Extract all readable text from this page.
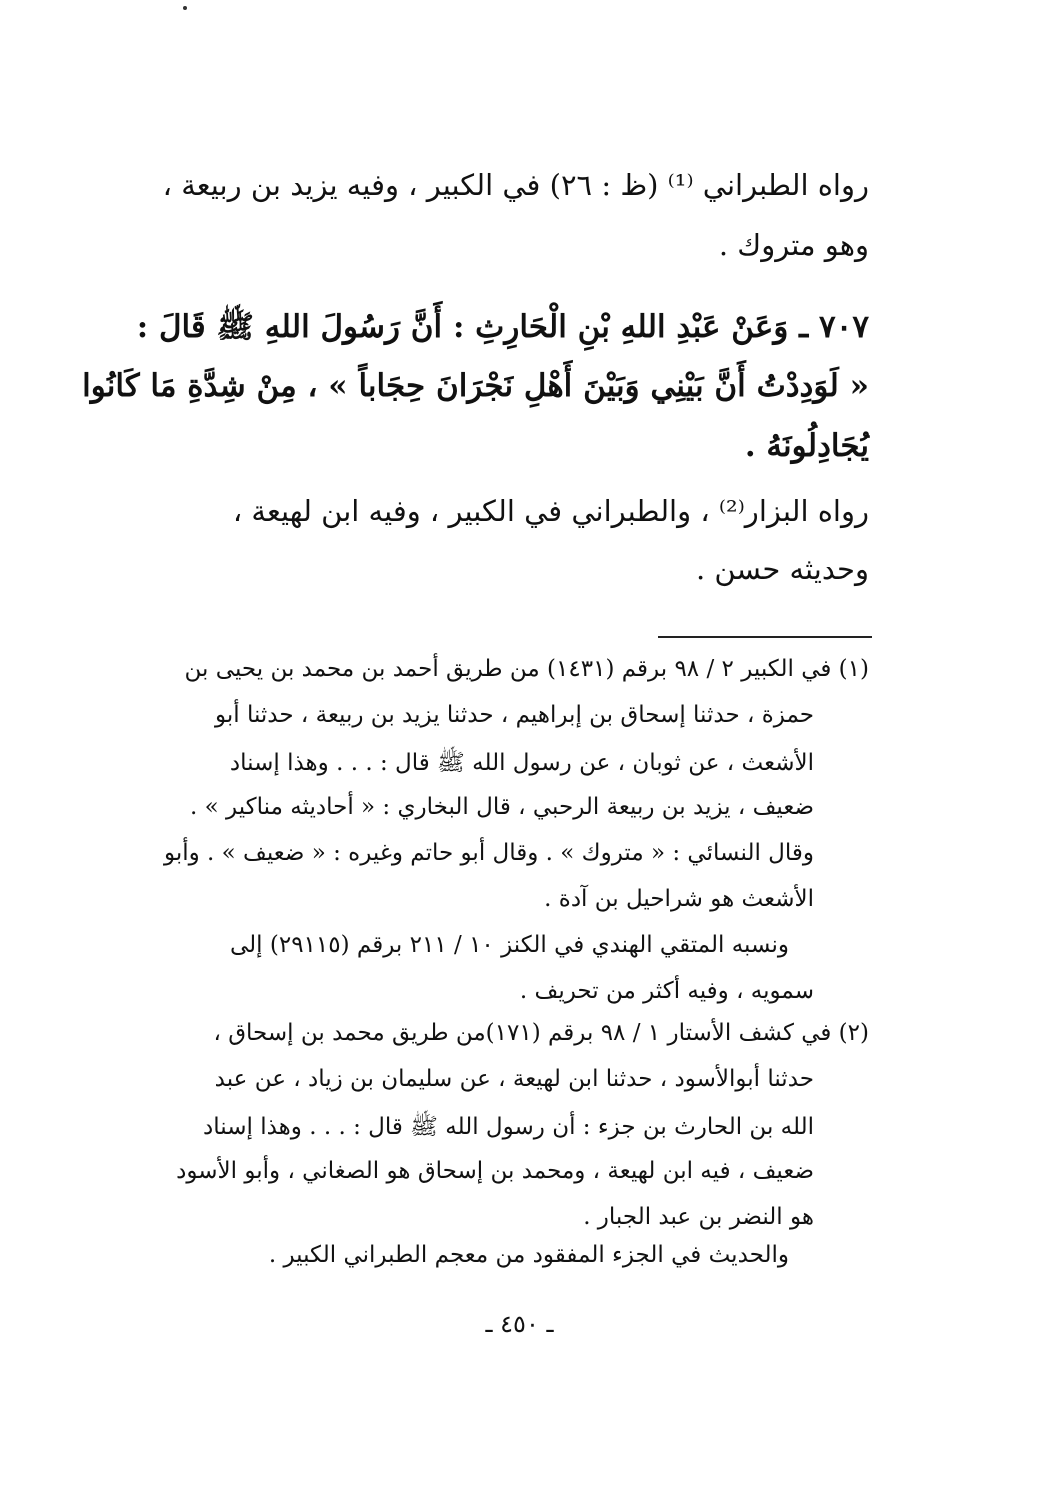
رواه الطبراني ⁽¹⁾ (ظ : ٢٦) في الكبير ، وفيه يزيد بن ربيعة ،
وهو متروك .
٧٠٧ ـ وَعَنْ عَبْدِ اللهِ بْنِ الْحَارِثِ : أَنَّ رَسُولَ اللهِ ﷺ قَالَ :
« لَوَدِدْتُ أَنَّ بَيْنِي وَبَيْنَ أَهْلِ نَجْرَانَ حِجَاباً » ، مِنْ شِدَّةِ مَا كَانُوا
يُجَادِلُونَهُ .
رواه البزار⁽²⁾ ، والطبراني في الكبير ، وفيه ابن لهيعة ،
وحديثه حسن .
(١) في الكبير ٢ / ٩٨ برقم (١٤٣١) من طريق أحمد بن محمد بن يحيى بن
حمزة ، حدثنا إسحاق بن إبراهيم ، حدثنا يزيد بن ربيعة ، حدثنا أبو
الأشعث ، عن ثوبان ، عن رسول الله ﷺ قال : . . . وهذا إسناد
ضعيف ، يزيد بن ربيعة الرحبي ، قال البخاري : « أحاديثه مناكير » .
وقال النسائي : « متروك » . وقال أبو حاتم وغيره : « ضعيف » . وأبو
الأشعث هو شراحيل بن آدة .
ونسبه المتقي الهندي في الكنز ١٠ / ٢١١ برقم (٢٩١١٥) إلى
سمويه ، وفيه أكثر من تحريف .
(٢) في كشف الأستار ١ / ٩٨ برقم (١٧١)من طريق محمد بن إسحاق ،
حدثنا أبوالأسود ، حدثنا ابن لهيعة ، عن سليمان بن زياد ، عن عبد
الله بن الحارث بن جزء : أن رسول الله ﷺ قال : . . . وهذا إسناد
ضعيف ، فيه ابن لهيعة ، ومحمد بن إسحاق هو الصغاني ، وأبو الأسود
هو النضر بن عبد الجبار .
والحديث في الجزء المفقود من معجم الطبراني الكبير .
ـ ٤٥٠ ـ
